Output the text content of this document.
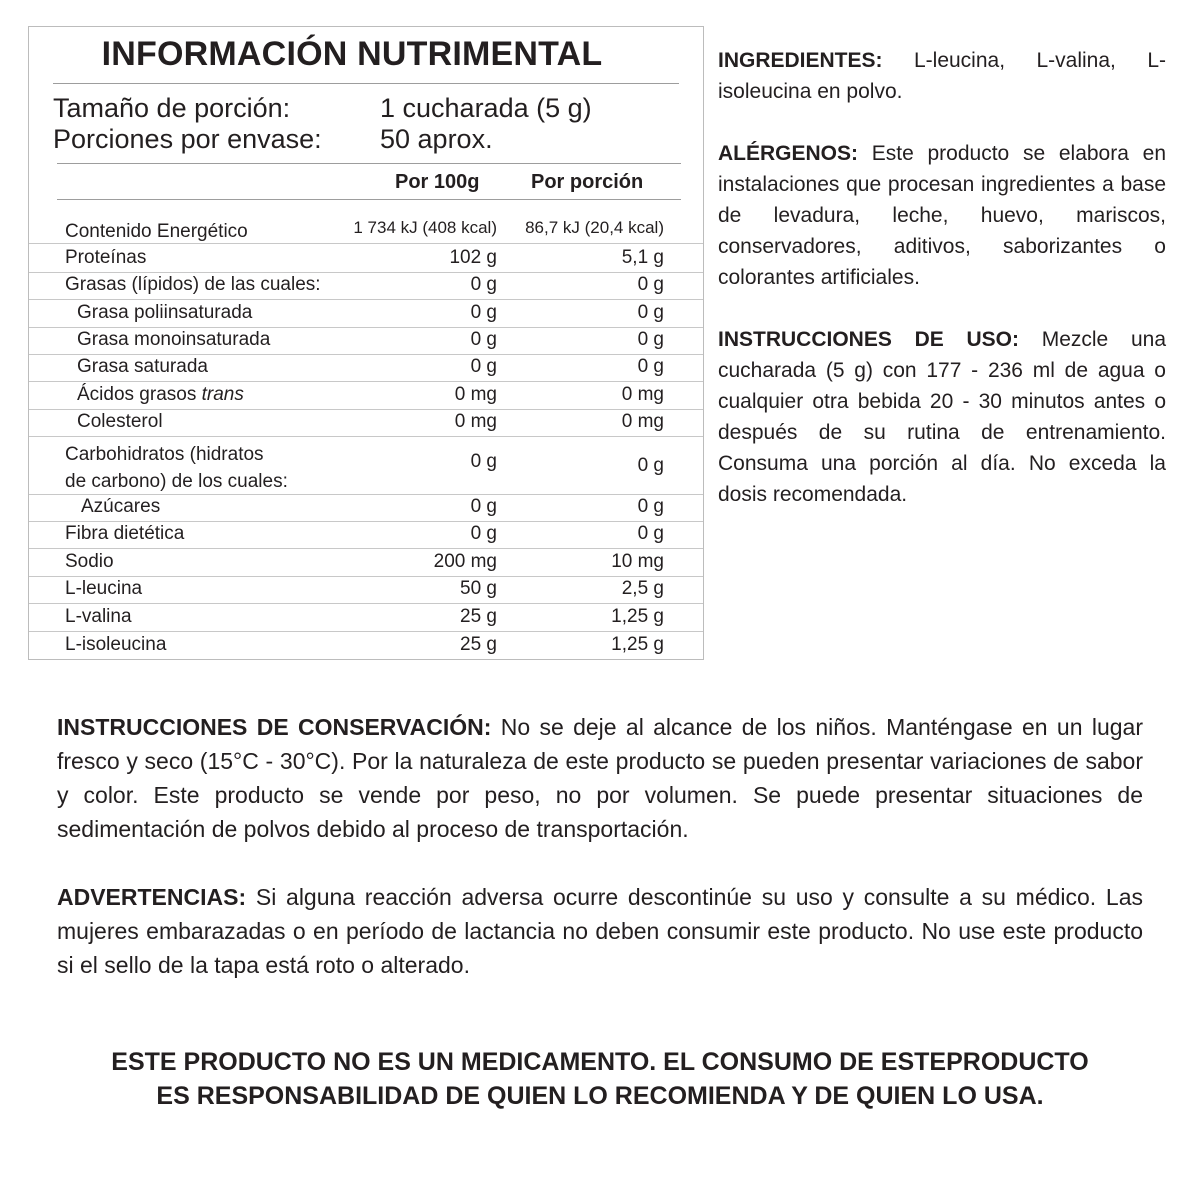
INFORMACIÓN NUTRIMENTAL
Tamaño de porción:	1 cucharada (5 g)
Porciones por envase: 50 aprox.
Por 100g	Por porción
Contenido Energético	1 734 kJ (408 kcal) 86,7 kJ (20,4 kcal)
Proteínas	102 g	5,1 g
Grasas (lípidos) de las cuales:	0 g	0 g
Grasa poliinsaturada	0 g	0 g
Grasa monoinsaturada	0 g	0 g
Grasa saturada	0 g	0 g
Ácidos grasos trans	0 mg	0 mg
Colesterol	0 mg	0 mg
Carbohidratos (hidratos
de carbono) de los cuales:
0 g	0 g
Azúcares	0 g	0 g
Fibra dietética	0 g	0 g
Sodio	200 mg	10 mg
L-leucina	50 g	2,5 g
L-valina	25 g	1,25 g
L-isoleucina	25 g	1,25 g

INGREDIENTES: L-leucina, L-valina, L-isoleucina en polvo.

ALÉRGENOS: Este producto se elabora en instalaciones que procesan ingredientes a base de levadura, leche, huevo, mariscos, conservadores, aditivos, saborizantes o colorantes artificiales.

INSTRUCCIONES DE USO: Mezcle una cucharada (5 g) con 177 - 236 ml de agua o cualquier otra bebida 20 - 30 minutos antes o después de su rutina de entrenamiento. Consuma una porción al día. No exceda la dosis recomendada.

INSTRUCCIONES DE CONSERVACIÓN: No se deje al alcance de los niños. Manténgase en un lugar fresco y seco (15°C - 30°C). Por la naturaleza de este producto se pueden presentar variaciones de sabor y color. Este producto se vende por peso, no por volumen. Se puede presentar situaciones de sedimentación de polvos debido al proceso de transportación.

ADVERTENCIAS: Si alguna reacción adversa ocurre descontinúe su uso y consulte a su médico. Las mujeres embarazadas o en período de lactancia no deben consumir este producto. No use este producto si el sello de la tapa está roto o alterado.

ESTE PRODUCTO NO ES UN MEDICAMENTO. EL CONSUMO DE ESTEPRODUCTO
ES RESPONSABILIDAD DE QUIEN LO RECOMIENDA Y DE QUIEN LO USA.
